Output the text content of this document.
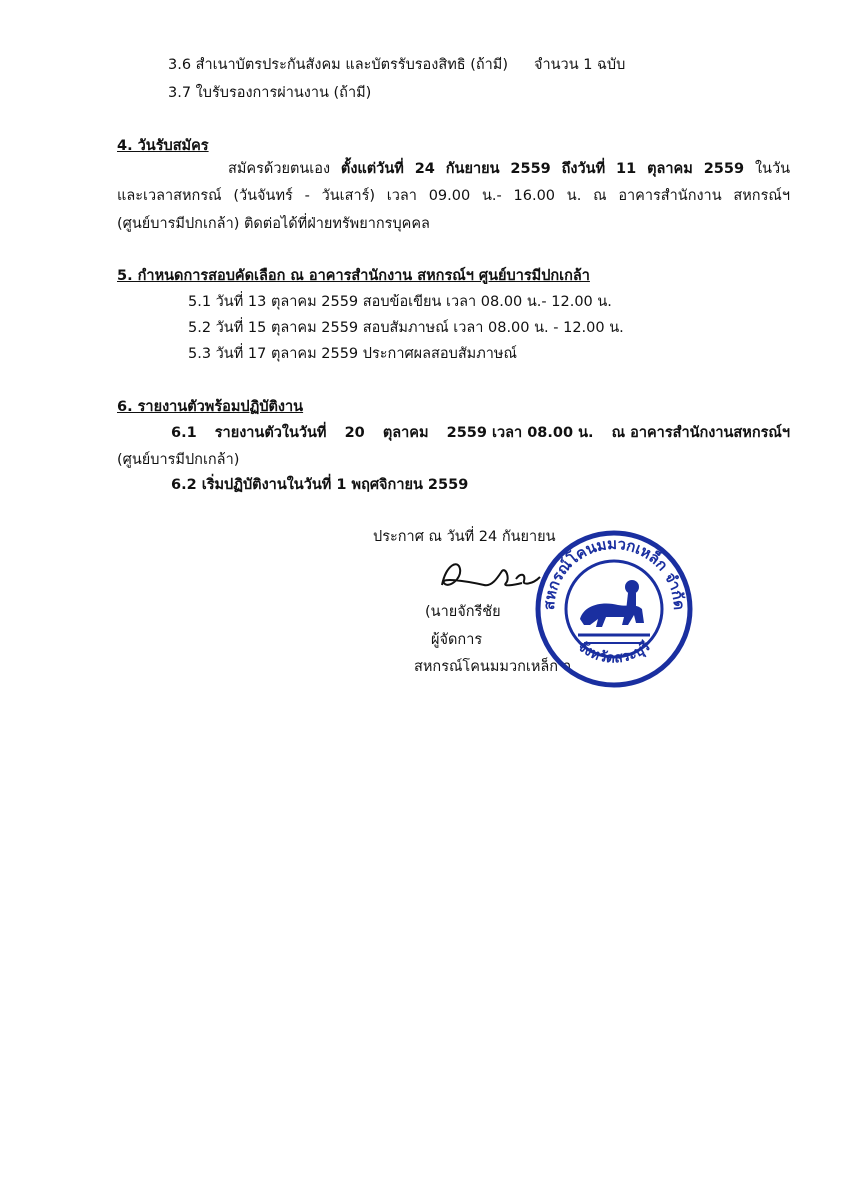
3.6 สำเนาบัตรประกันสังคม และบัตรรับรองสิทธิ (ถ้ามี) จำนวน 1 ฉบับ
3.7 ใบรับรองการผ่านงาน (ถ้ามี)
4. วันรับสมัคร
สมัครด้วยตนเอง ตั้งแต่วันที่ 24 กันยายน 2559 ถึงวันที่ 11 ตุลาคม 2559 ในวัน
และเวลาสหกรณ์ (วันจันทร์ - วันเสาร์) เวลา 09.00 น.- 16.00 น. ณ อาคารสำนักงาน สหกรณ์ฯ
(ศูนย์บารมีปกเกล้า) ติดต่อได้ที่ฝ่ายทรัพยากรบุคคล
5. กำหนดการสอบคัดเลือก ณ อาคารสำนักงาน สหกรณ์ฯ ศูนย์บารมีปกเกล้า
5.1 วันที่ 13 ตุลาคม 2559 สอบข้อเขียน เวลา 08.00 น.- 12.00 น.
5.2 วันที่ 15 ตุลาคม 2559 สอบสัมภาษณ์ เวลา 08.00 น. - 12.00 น.
5.3 วันที่ 17 ตุลาคม 2559 ประกาศผลสอบสัมภาษณ์
6. รายงานตัวพร้อมปฏิบัติงาน
6.1 รายงานตัวในวันที่ 20 ตุลาคม 2559 เวลา 08.00 น. ณ อาคารสำนักงานสหกรณ์ฯ
(ศูนย์บารมีปกเกล้า)
6.2 เริ่มปฏิบัติงานในวันที่ 1 พฤศจิกายน 2559
ประกาศ ณ วันที่ 24 กันยายน
(นายจักรีชัย
ผู้จัดการ
สหกรณ์โคนมมวกเหล็ก จ
สหกรณ์โคนมมวกเหล็ก จำกัด
จังหวัดสระบุรี
